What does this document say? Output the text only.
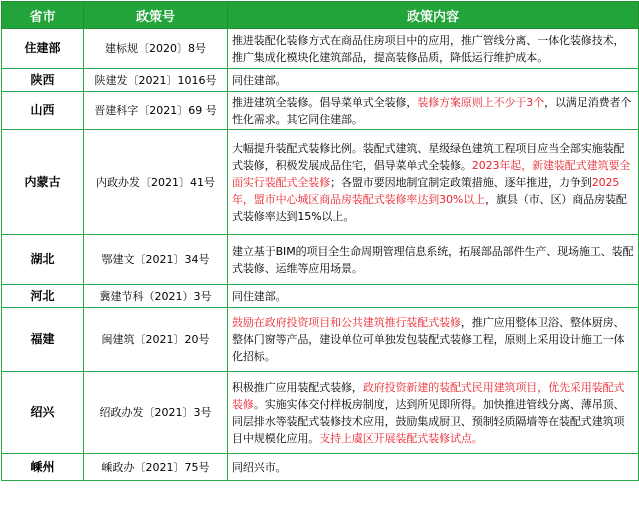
省市	政策号	政策内容
住建部	建标规〔2020〕8号	推进装配化装修方式在商品住房项目中的应用，推广管线分离、一体化装修技术，推广集成化模块化建筑部品，提高装修品质，降低运行维护成本。
陕西	陕建发〔2021〕1016号	同住建部。
山西	晋建科字〔2021〕69 号	推进建筑全装修。倡导菜单式全装修，装修方案原则上不少于3个，以满足消费者个性化需求。其它同住建部。
内蒙古	内政办发〔2021〕41号	大幅提升装配式装修比例。装配式建筑、星级绿色建筑工程项目应当全部实施装配式装修，积极发展成品住宅，倡导菜单式全装修。2023年起，新建装配式建筑要全面实行装配式全装修；各盟市要因地制宜制定政策措施、逐年推进，力争到2025年，盟市中心城区商品房装配式装修率达到30%以上，旗县（市、区）商品房装配式装修率达到15%以上。
湖北	鄂建文〔2021〕34号	建立基于BIM的项目全生命周期管理信息系统，拓展部品部件生产、现场施工、装配式装修、运维等应用场景。
河北	冀建节科（2021）3号	同住建部。
福建	闽建筑〔2021〕20号	鼓励在政府投资项目和公共建筑推行装配式装修，推广应用整体卫浴、整体厨房、整体门窗等产品，建设单位可单独发包装配式装修工程，原则上采用设计施工一体化招标。
绍兴	绍政办发〔2021〕3号	积极推广应用装配式装修，政府投资新建的装配式民用建筑项目，优先采用装配式装修。实施实体交付样板房制度，达到所见即所得。加快推进管线分离、薄吊顶、同层排水等装配式装修技术应用，鼓励集成厨卫、预制轻质隔墙等在装配式建筑项目中规模化应用。支持上虞区开展装配式装修试点。
嵊州	嵊政办〔2021〕75号	同绍兴市。
